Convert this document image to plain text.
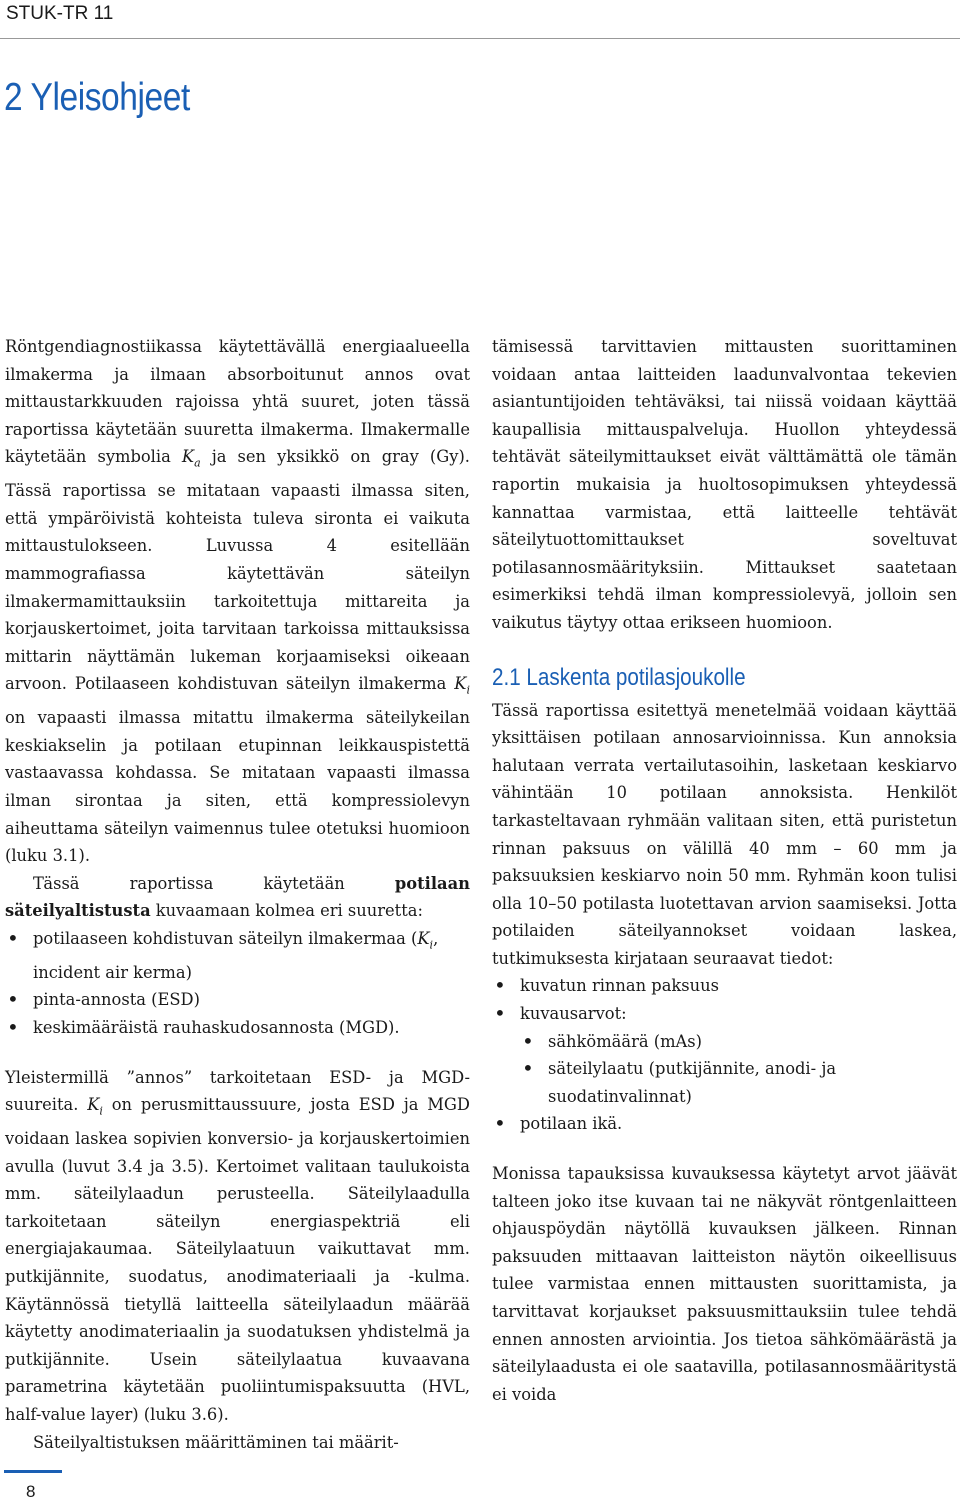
STUK-TR 11
2 Yleisohjeet

Röntgendiagnostiikassa käytettävällä energiaalueella ilmakerma ja ilmaan absorboitunut annos ovat mittaustarkkuuden rajoissa yhtä suuret, joten tässä raportissa käytetään suuretta ilmakerma. Ilmakermalle käytetään symbolia $K_a$ ja sen yksikkö on gray (Gy). Tässä raportissa se mitataan vapaasti ilmassa siten, että ympäröivistä kohteista tuleva sironta ei vaikuta mittaustulokseen. Luvussa 4 esitellään mammografiassa käytettävän säteilyn ilmakermamittauksiin tarkoitettuja mittareita ja korjauskertoimet, joita tarvitaan tarkoissa mittauksissa mittarin näyttämän lukeman korjaamiseksi oikeaan arvoon. Potilaaseen kohdistuvan säteilyn ilmakerma $K_i$ on vapaasti ilmassa mitattu ilmakerma säteilykeilan keskiakselin ja potilaan etupinnan leikkauspistettä vastaavassa kohdassa. Se mitataan vapaasti ilmassa ilman sirontaa ja siten, että kompressiolevyn aiheuttama säteilyn vaimennus tulee otetuksi huomioon (luku 3.1).

Tässä raportissa käytetään potilaan säteilyaltistusta kuvaamaan kolmea eri suuretta:

• potilaaseen kohdistuvan säteilyn ilmakermaa ($K_i$, incident air kerma)
• pinta-annosta (ESD)
• keskimääräistä rauhaskudosannosta (MGD).

Yleistermillä ”annos” tarkoitetaan ESD- ja MGD-suureita. $K_i$ on perusmittaussuure, josta ESD ja MGD voidaan laskea sopivien konversio- ja korjauskertoimien avulla (luvut 3.4 ja 3.5). Kertoimet valitaan taulukoista mm. säteilylaadun perusteella. Säteilylaadulla tarkoitetaan säteilyn energiaspektriä eli energiajakaumaa. Säteilylaatuun vaikuttavat mm. putkijännite, suodatus, anodimateriaali ja -kulma. Käytännössä tietyllä laitteella säteilylaadun määrää käytetty anodimateriaalin ja suodatuksen yhdistelmä ja putkijännite. Usein säteilylaatua kuvaavana parametrina käytetään puoliintumispaksuutta (HVL, half-value layer) (luku 3.6).

Säteilyaltistuksen määrittäminen tai määrit-

tämisessä tarvittavien mittausten suorittaminen voidaan antaa laitteiden laadunvalvontaa tekevien asiantuntijoiden tehtäväksi, tai niissä voidaan käyttää kaupallisia mittauspalveluja. Huollon yhteydessä tehtävät säteilymittaukset eivät välttämättä ole tämän raportin mukaisia ja huoltosopimuksen yhteydessä kannattaa varmistaa, että laitteelle tehtävät säteilytuottomittaukset soveltuvat potilasannosmäärityksiin. Mittaukset saatetaan esimerkiksi tehdä ilman kompressiolevyä, jolloin sen vaikutus täytyy ottaa erikseen huomioon.

2.1 Laskenta potilasjoukolle

Tässä raportissa esitettyä menetelmää voidaan käyttää yksittäisen potilaan annosarvioinnissa. Kun annoksia halutaan verrata vertailutasoihin, lasketaan keskiarvo vähintään 10 potilaan annoksista. Henkilöt tarkasteltavaan ryhmään valitaan siten, että puristetun rinnan paksuus on välillä 40 mm – 60 mm ja paksuuksien keskiarvo noin 50 mm. Ryhmän koon tulisi olla 10–50 potilasta luotettavan arvion saamiseksi. Jotta potilaiden säteilyannokset voidaan laskea, tutkimuksesta kirjataan seuraavat tiedot:

• kuvatun rinnan paksuus
• kuvausarvot:
• sähkömäärä (mAs)
• säteilylaatu (putkijännite, anodi- ja suodatinvalinnat)
• potilaan ikä.

Monissa tapauksissa kuvauksessa käytetyt arvot jäävät talteen joko itse kuvaan tai ne näkyvät röntgenlaitteen ohjauspöydän näytöllä kuvauksen jälkeen. Rinnan paksuuden mittaavan laitteiston näytön oikeellisuus tulee varmistaa ennen mittausten suorittamista, ja tarvittavat korjaukset paksuusmittauksiin tulee tehdä ennen annosten arviointia. Jos tietoa sähkömäärästä ja säteilylaadusta ei ole saatavilla, potilasannosmääritystä ei voida

8
